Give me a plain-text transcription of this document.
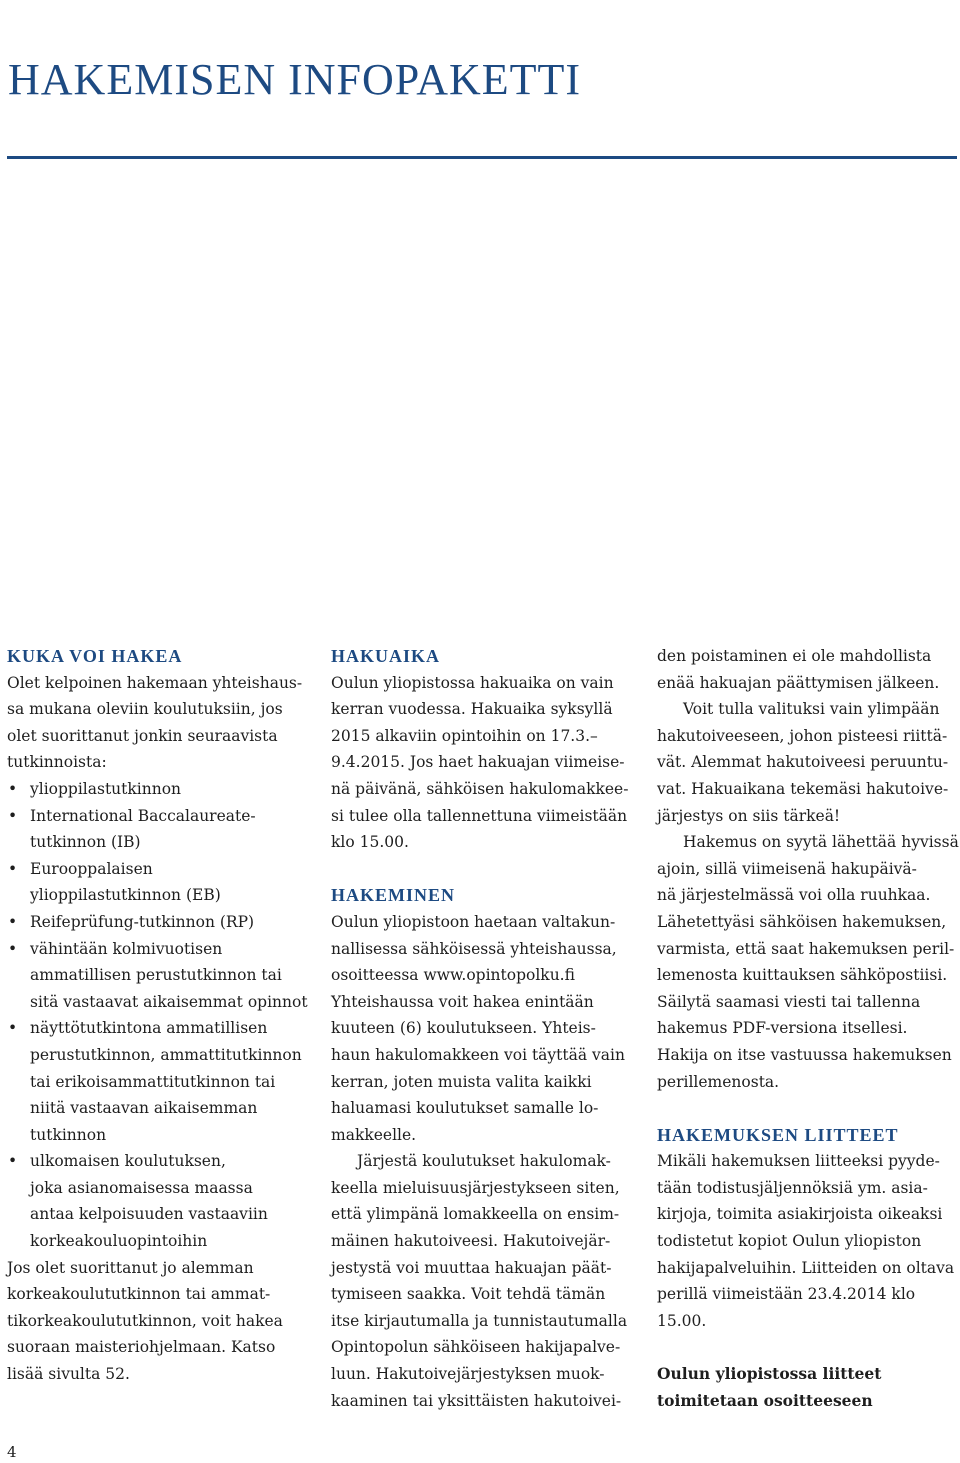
HAKEMISEN INFOPAKETTI
KUKA VOI HAKEA

Olet kelpoinen hakemaan yhteishaus-

sa mukana oleviin koulutuksiin, jos

olet suorittanut jonkin seuraavista

tutkinnoista:

• ylioppilastutkinnon
• International Baccalaureate-
tutkinnon (IB)
• Eurooppalaisen
ylioppilastutkinnon (EB)
• Reifeprüfung-tutkinnon (RP)
• vähintään kolmivuotisen
ammatillisen perustutkinnon tai
sitä vastaavat aikaisemmat opinnot
• näyttötutkintona ammatillisen
perustutkinnon, ammattitutkinnon
tai erikoisammattitutkinnon tai
niitä vastaavan aikaisemman
tutkinnon
• ulkomaisen koulutuksen,
joka asianomaisessa maassa
antaa kelpoisuuden vastaaviin
korkeakouluopintoihin

Jos olet suorittanut jo alemman

korkeakoulututkinnon tai ammat-

tikorkeakoulututkinnon, voit hakea

suoraan maisteriohjelmaan. Katso

lisää sivulta 52.

HAKUAIKA

Oulun yliopistossa hakuaika on vain

kerran vuodessa. Hakuaika syksyllä

2015 alkaviin opintoihin on 17.3.–

9.4.2015. Jos haet hakuajan viimeise-

nä päivänä, sähköisen hakulomakkee-

si tulee olla tallennettuna viimeistään

klo 15.00.

HAKEMINEN

Oulun yliopistoon haetaan valtakun-

nallisessa sähköisessä yhteishaussa,

osoitteessa www.opintopolku.fi

Yhteishaussa voit hakea enintään

kuuteen (6) koulutukseen. Yhteis-

haun hakulomakkeen voi täyttää vain

kerran, joten muista valita kaikki

haluamasi koulutukset samalle lo-

makkeelle.

Järjestä koulutukset hakulomak-

keella mieluisuusjärjestykseen siten,

että ylimpänä lomakkeella on ensim-

mäinen hakutoiveesi. Hakutoivejär-

jestystä voi muuttaa hakuajan päät-

tymiseen saakka. Voit tehdä tämän

itse kirjautumalla ja tunnistautumalla

Opintopolun sähköiseen hakijapalve-

luun. Hakutoivejärjestyksen muok-

kaaminen tai yksittäisten hakutoivei-

den poistaminen ei ole mahdollista

enää hakuajan päättymisen jälkeen.

Voit tulla valituksi vain ylimpään

hakutoiveeseen, johon pisteesi riittä-

vät. Alemmat hakutoiveesi peruuntu-

vat. Hakuaikana tekemäsi hakutoive-

järjestys on siis tärkeä!

Hakemus on syytä lähettää hyvissä

ajoin, sillä viimeisenä hakupäivä-

nä järjestelmässä voi olla ruuhkaa.

Lähetettyäsi sähköisen hakemuksen,

varmista, että saat hakemuksen peril-

lemenosta kuittauksen sähköpostiisi.

Säilytä saamasi viesti tai tallenna

hakemus PDF-versiona itsellesi.

Hakija on itse vastuussa hakemuksen

perillemenosta.

HAKEMUKSEN LIITTEET

Mikäli hakemuksen liitteeksi pyyde-

tään todistusjäljennöksiä ym. asia-

kirjoja, toimita asiakirjoista oikeaksi

todistetut kopiot Oulun yliopiston

hakijapalveluihin. Liitteiden on oltava

perillä viimeistään 23.4.2014 klo

15.00.

Oulun yliopistossa liitteet

toimitetaan osoitteeseen

4
